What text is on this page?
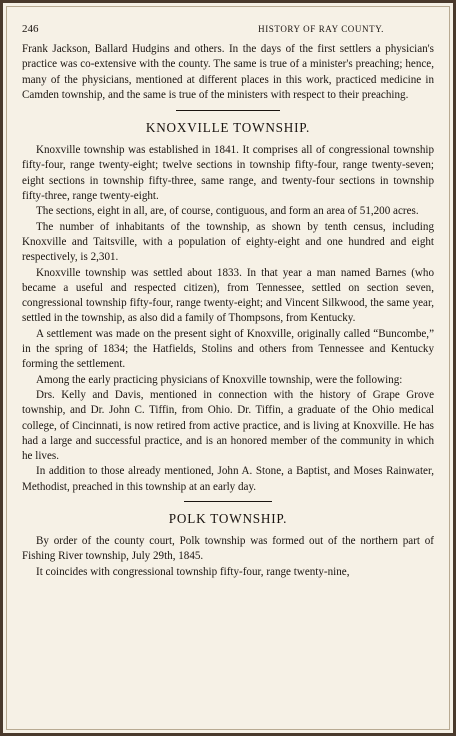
246	HISTORY OF RAY COUNTY.

Frank Jackson, Ballard Hudgins and others. In the days of the first settlers a physician's practice was co-extensive with the county. The same is true of a minister's preaching; hence, many of the physicians, mentioned at different places in this work, practiced medicine in Camden township, and the same is true of the ministers with respect to their preaching.

KNOXVILLE TOWNSHIP.

Knoxville township was established in 1841. It comprises all of congressional township fifty-four, range twenty-eight; twelve sections in township fifty-four, range twenty-seven; eight sections in township fifty-three, same range, and twenty-four sections in township fifty-three, range twenty-eight.

The sections, eight in all, are, of course, contiguous, and form an area of 51,200 acres.

The number of inhabitants of the township, as shown by tenth census, including Knoxville and Taitsville, with a population of eighty-eight and one hundred and eight respectively, is 2,301.

Knoxville township was settled about 1833. In that year a man named Barnes (who became a useful and respected citizen), from Tennessee, settled on section seven, congressional township fifty-four, range twenty-eight; and Vincent Silkwood, the same year, settled in the township, as also did a family of Thompsons, from Kentucky.

A settlement was made on the present sight of Knoxville, originally called “Buncombe,” in the spring of 1834; the Hatfields, Stolins and others from Tennessee and Kentucky forming the settlement.

Among the early practicing physicians of Knoxville township, were the following:

Drs. Kelly and Davis, mentioned in connection with the history of Grape Grove township, and Dr. John C. Tiffin, from Ohio. Dr. Tiffin, a graduate of the Ohio medical college, of Cincinnati, is now retired from active practice, and is living at Knoxville. He has had a large and successful practice, and is an honored member of the community in which he lives.

In addition to those already mentioned, John A. Stone, a Baptist, and Moses Rainwater, Methodist, preached in this township at an early day.

POLK TOWNSHIP.

By order of the county court, Polk township was formed out of the northern part of Fishing River township, July 29th, 1845.

It coincides with congressional township fifty-four, range twenty-nine,
